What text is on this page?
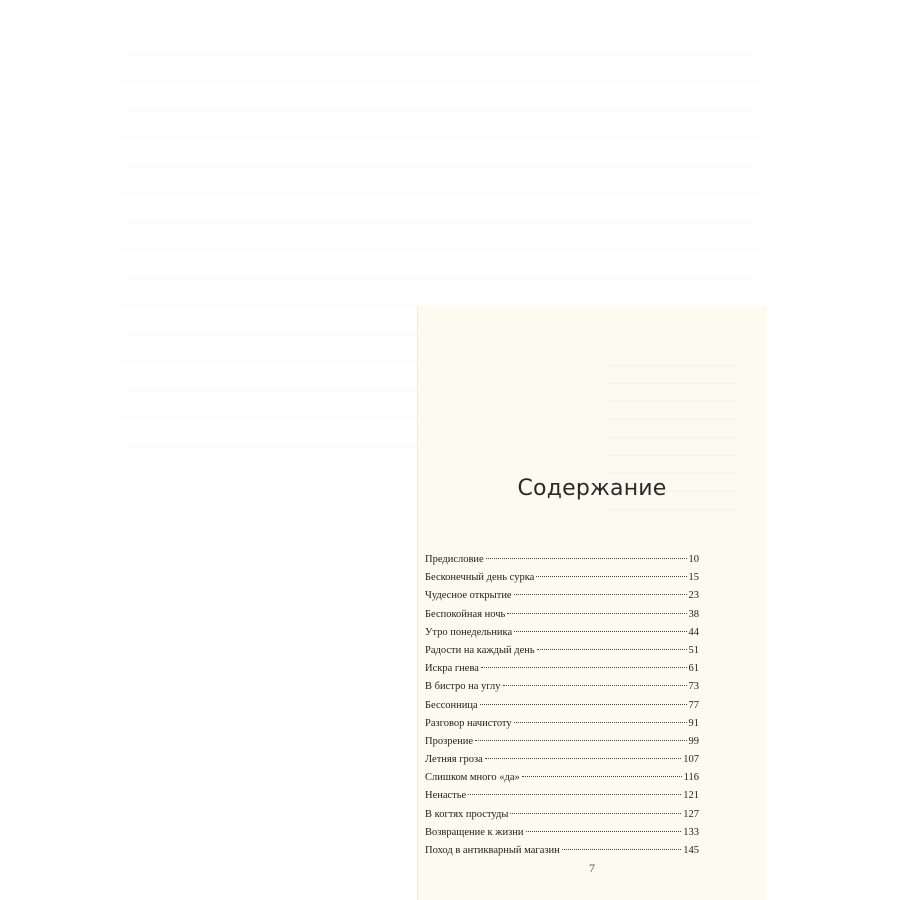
Содержание
Предисловие	10
Бесконечный день сурка	15
Чудесное открытие	23
Беспокойная ночь	38
Утро понедельника	44
Радости на каждый день	51
Искра гнева	61
В бистро на углу	73
Бессонница	77
Разговор начистоту	91
Прозрение	99
Летняя гроза	107
Слишком много «да»	116
Ненастье	121
В когтях простуды	127
Возвращение к жизни	133
Поход в антикварный магазин	145
7
